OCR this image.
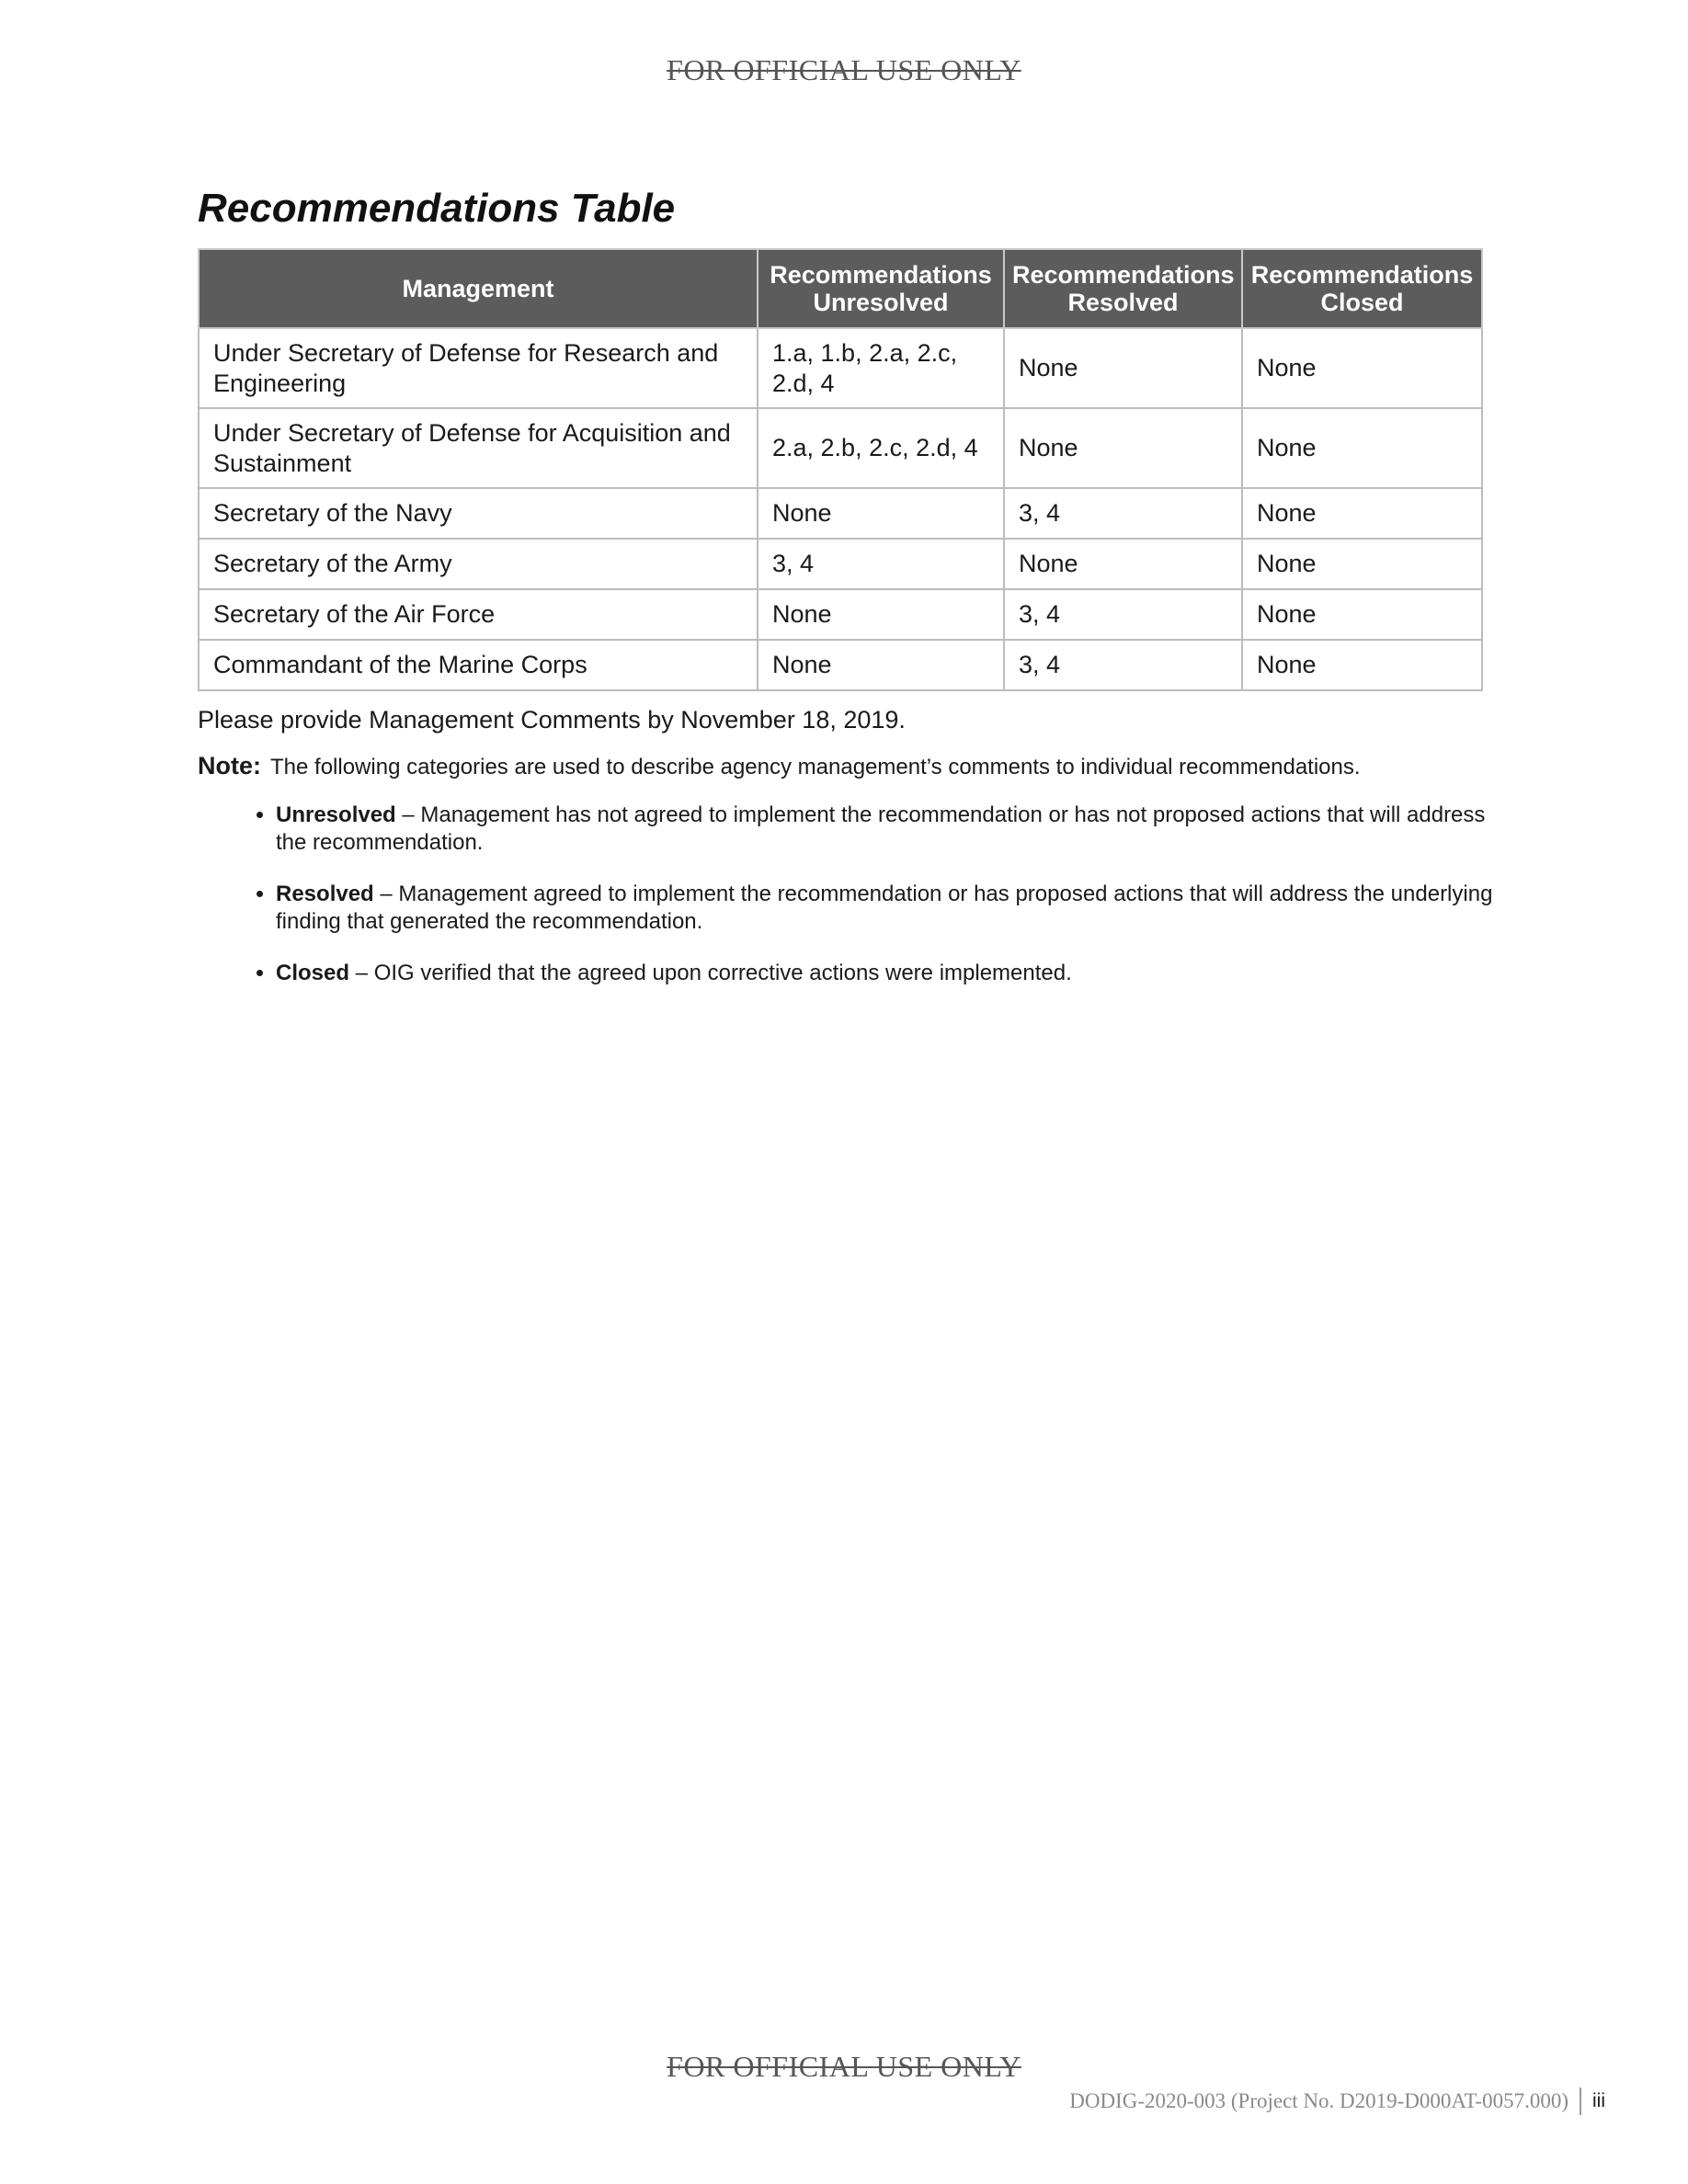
FOR OFFICIAL USE ONLY
Recommendations Table
Management	Recommendations Unresolved	Recommendations Resolved	Recommendations Closed
Under Secretary of Defense for Research and Engineering	1.a, 1.b, 2.a, 2.c, 2.d, 4	None	None
Under Secretary of Defense for Acquisition and Sustainment	2.a, 2.b, 2.c, 2.d, 4	None	None
Secretary of the Navy	None	3, 4	None
Secretary of the Army	3, 4	None	None
Secretary of the Air Force	None	3, 4	None
Commandant of the Marine Corps	None	3, 4	None
Please provide Management Comments by November 18, 2019.
Note: The following categories are used to describe agency management’s comments to individual recommendations.
• Unresolved – Management has not agreed to implement the recommendation or has not proposed actions that will address the recommendation.
• Resolved – Management agreed to implement the recommendation or has proposed actions that will address the underlying finding that generated the recommendation.
• Closed – OIG verified that the agreed upon corrective actions were implemented.
FOR OFFICIAL USE ONLY
DODIG-2020-003 (Project No. D2019-D000AT-0057.000) iii
